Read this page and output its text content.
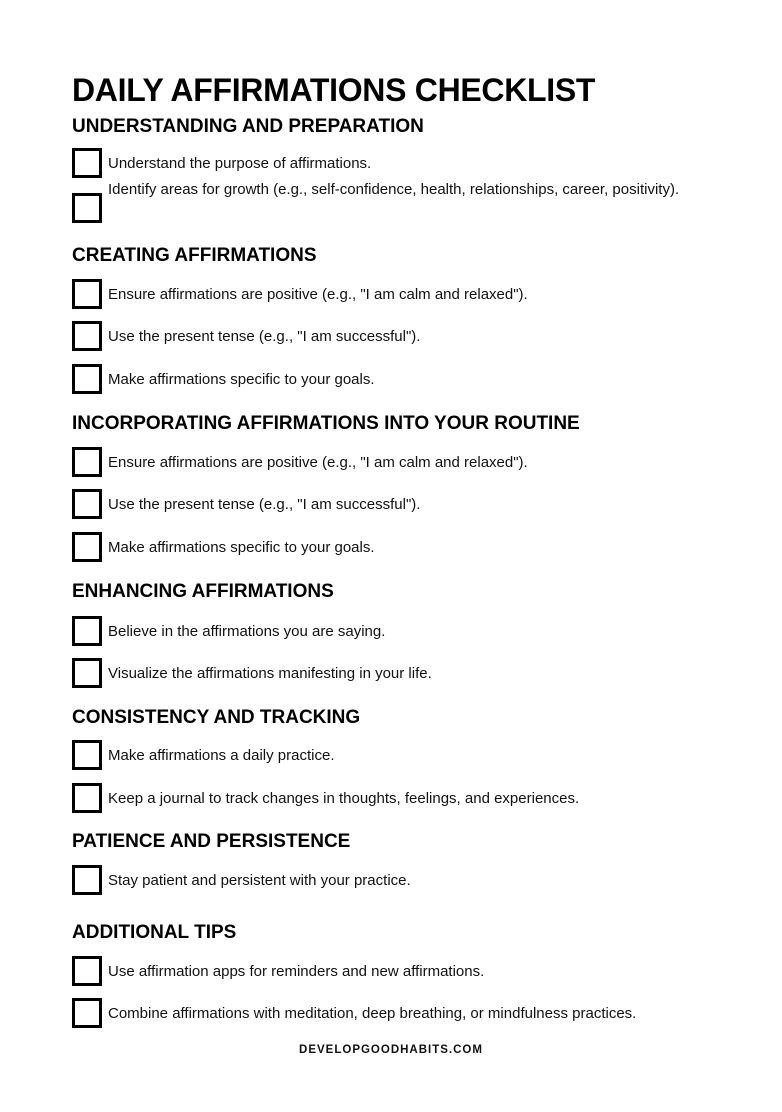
DAILY AFFIRMATIONS CHECKLIST
UNDERSTANDING AND PREPARATION
Understand the purpose of affirmations.
Identify areas for growth (e.g., self-confidence, health, relationships, career, positivity).
CREATING AFFIRMATIONS
Ensure affirmations are positive (e.g., "I am calm and relaxed").
Use the present tense (e.g., "I am successful").
Make affirmations specific to your goals.
INCORPORATING AFFIRMATIONS INTO YOUR ROUTINE
Ensure affirmations are positive (e.g., "I am calm and relaxed").
Use the present tense (e.g., "I am successful").
Make affirmations specific to your goals.
ENHANCING AFFIRMATIONS
Believe in the affirmations you are saying.
Visualize the affirmations manifesting in your life.
CONSISTENCY AND TRACKING
Make affirmations a daily practice.
Keep a journal to track changes in thoughts, feelings, and experiences.
PATIENCE AND PERSISTENCE
Stay patient and persistent with your practice.
ADDITIONAL TIPS
Use affirmation apps for reminders and new affirmations.
Combine affirmations with meditation, deep breathing, or mindfulness practices.
DEVELOPGOODHABITS.COM
